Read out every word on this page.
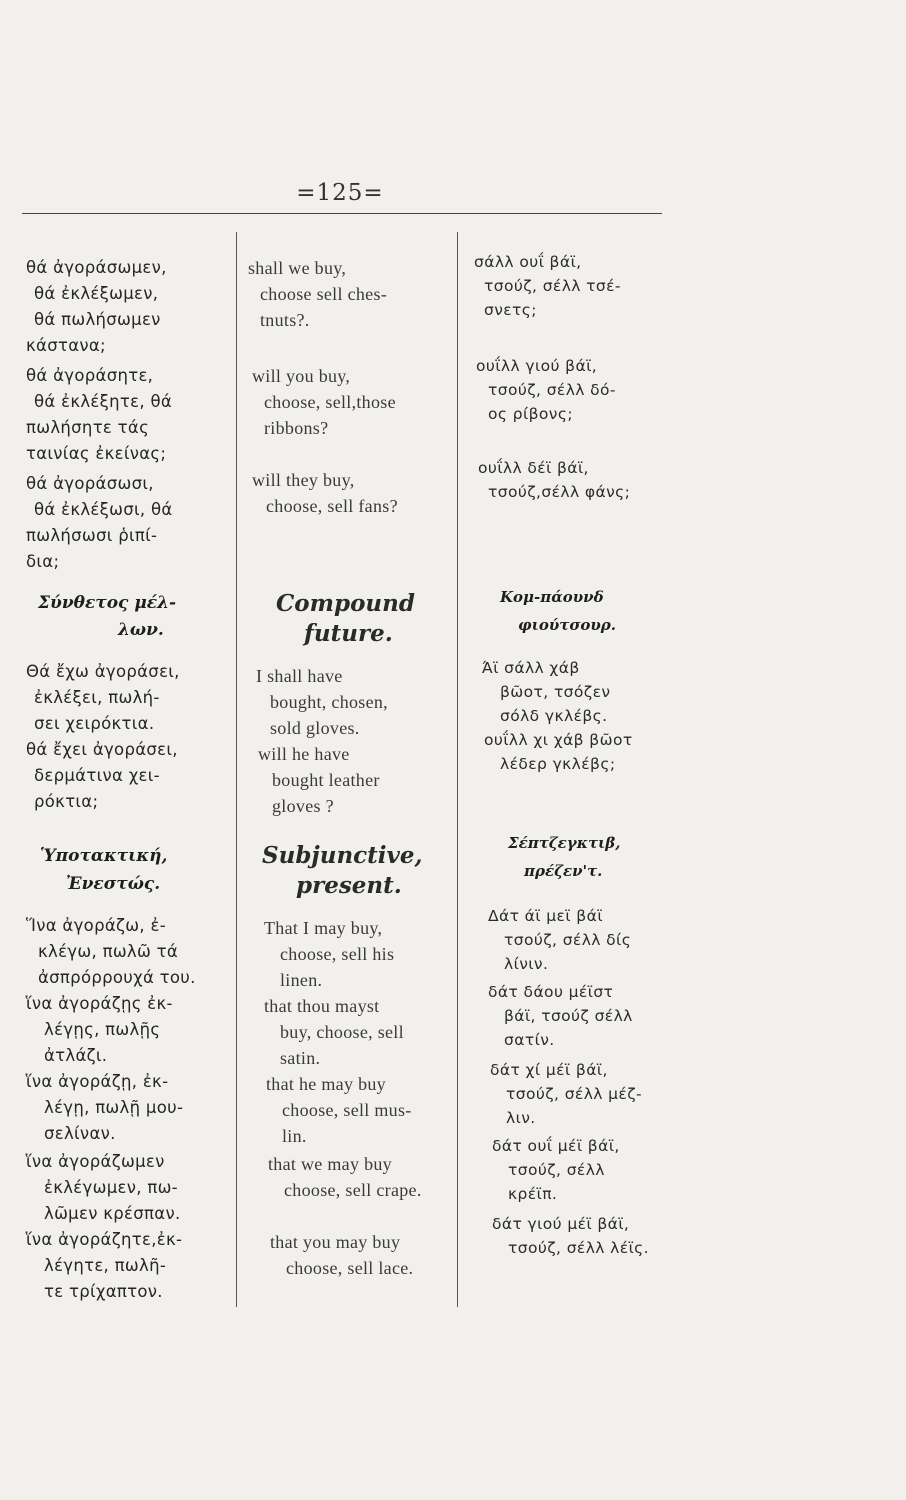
=125=
θά ἀγοράσωμεν,
θά ἐκλέξωμεν,
θά πωλήσωμεν
κάστανα;
θά ἀγοράσητε,
θά ἐκλέξητε, θά
πωλήσητε τάς
ταινίας ἐκείνας;
θά ἀγοράσωσι,
θά ἐκλέξωσι, θά
πωλήσωσι ῥιπί-
δια;
Σύνθετος μέλ-
λων.
Θά ἔχω ἀγοράσει,
ἐκλέξει, πωλή-
σει χειρόκτια.
θά ἔχει ἀγοράσει,
δερμάτινα χει-
ρόκτια;
Ὑποτακτική,
Ἐνεστώς.
Ἵνα ἀγοράζω, ἐ-
κλέγω, πωλῶ τά
ἀσπρόρρουχά του.
ἵνα ἀγοράζῃς ἐκ-
λέγῃς, πωλῇς
ἀτλάζι.
ἵνα ἀγοράζῃ, ἐκ-
λέγῃ, πωλῇ μου-
σελίναν.
ἵνα ἀγοράζωμεν
ἐκλέγωμεν, πω-
λῶμεν κρέσπαν.
ἵνα ἀγοράζητε,ἐκ-
λέγητε, πωλῆ-
τε τρίχαπτον.
shall we buy,
choose sell ches-
tnuts?.
will you buy,
choose, sell,those
ribbons?
will they buy,
choose, sell fans?
Compound
future.
I shall have
bought, chosen,
sold gloves.
will he have
bought leather
gloves ?
Subjunctive,
present.
That I may buy,
choose, sell his
linen.
that thou mayst
buy, choose, sell
satin.
that he may buy
choose, sell mus-
lin.
that we may buy
choose, sell crape.
that you may buy
choose, sell lace.
σάλλ ουΐ βάϊ,
τσούζ, σέλλ τσέ-
σνετς;
ουΐλλ γιού βάϊ,
τσούζ, σέλλ δό-
ος ρίβονς;
ουΐλλ δέϊ βάϊ,
τσούζ,σέλλ φάνς;
Κομ-πάουνδ
φιούτσουρ.
Άϊ σάλλ χάβ
βῶοτ, τσόζεν
σόλδ γκλέβς.
ουΐλλ χι χάβ βῶοτ
λέδερ γκλέβς;
Σέπτζεγκτιβ,
πρέζεν'τ.
Δάτ άϊ μεϊ βάϊ
τσούζ, σέλλ δίς
λίνιν.
δάτ δάου μέϊστ
βάϊ, τσούζ σέλλ
σατίν.
δάτ χί μέϊ βάϊ,
τσούζ, σέλλ μέζ-
λιν.
δάτ ουΐ μέϊ βάϊ,
τσούζ, σέλλ
κρέϊπ.
δάτ γιού μέϊ βάϊ,
τσούζ, σέλλ λέϊς.
